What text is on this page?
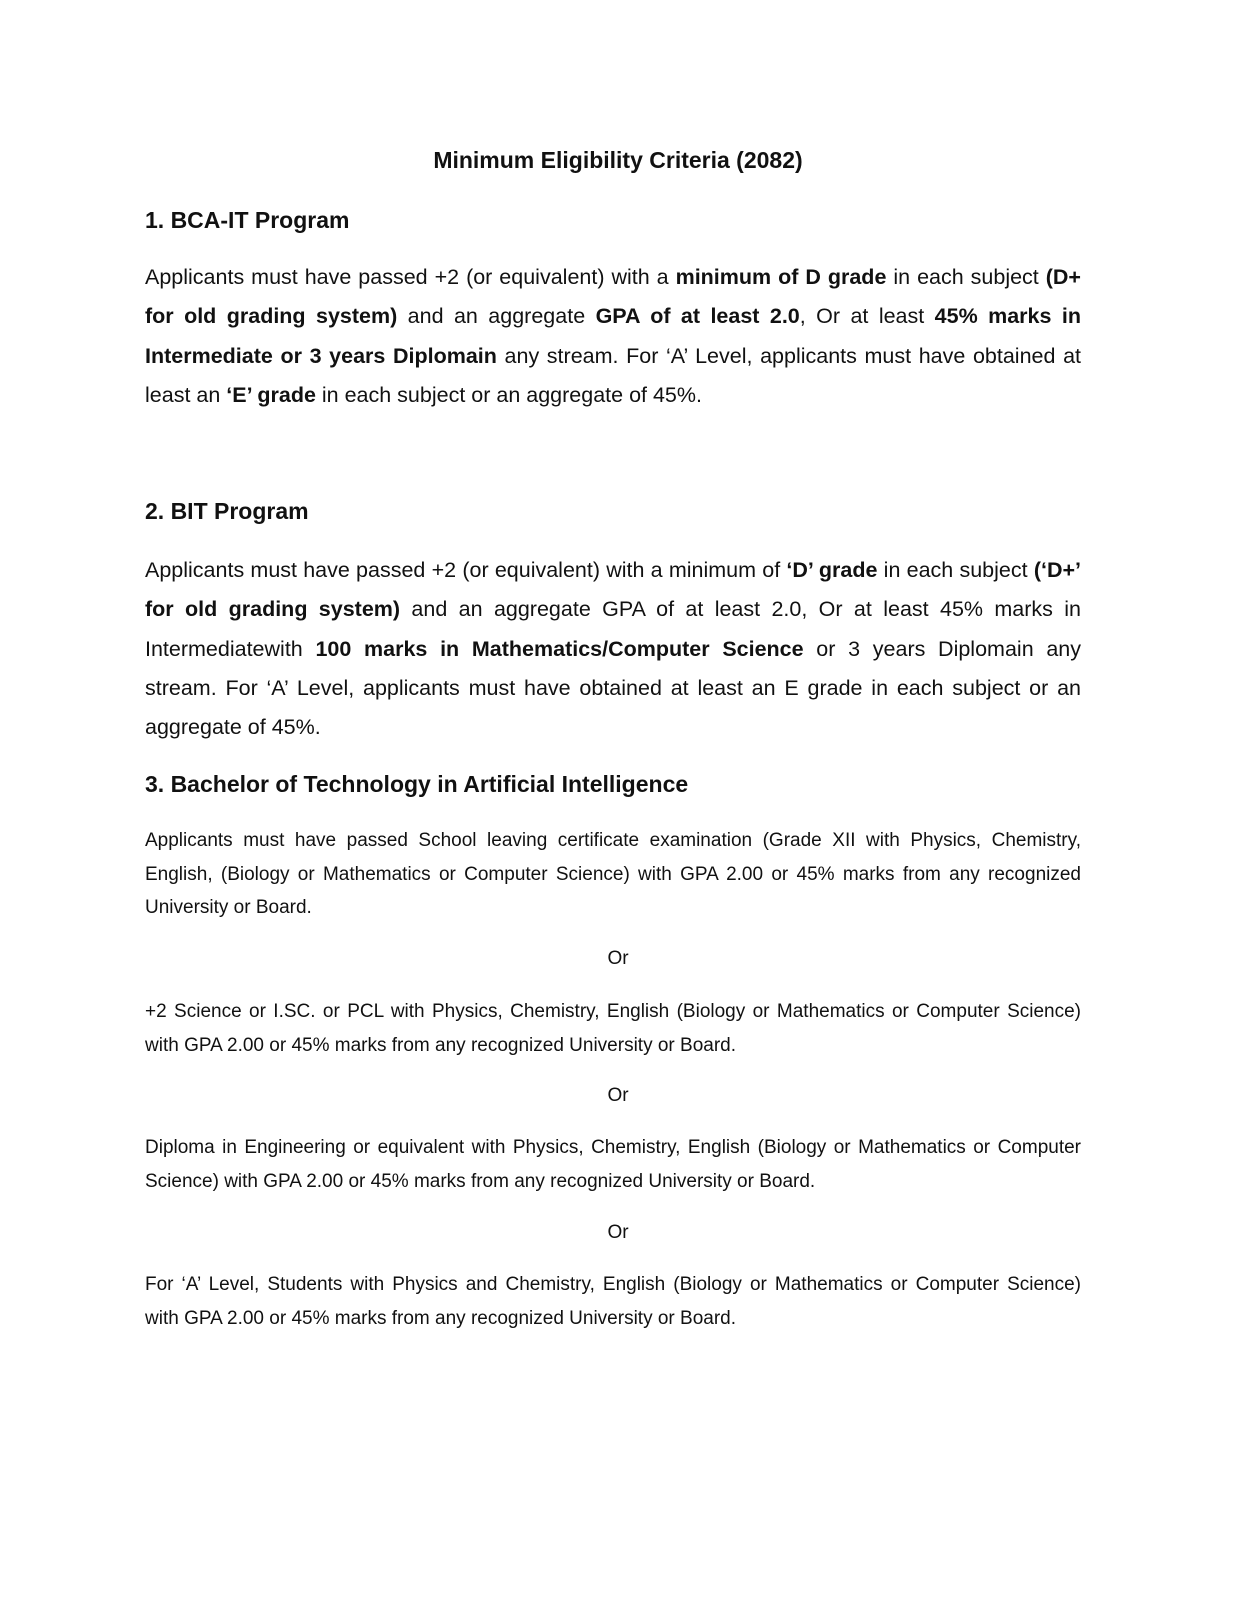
Minimum Eligibility Criteria (2082)
1. BCA-IT Program

Applicants must have passed +2 (or equivalent) with a minimum of D grade in each subject (D+ for old grading system) and an aggregate GPA of at least 2.0, Or at least 45% marks in Intermediate or 3 years Diplomain any stream. For ‘A’ Level, applicants must have obtained at least an ‘E’ grade in each subject or an aggregate of 45%.

2. BIT Program

Applicants must have passed +2 (or equivalent) with a minimum of ‘D’ grade in each subject (‘D+’ for old grading system) and an aggregate GPA of at least 2.0, Or at least 45% marks in Intermediatewith 100 marks in Mathematics/Computer Science or 3 years Diplomain any stream. For ‘A’ Level, applicants must have obtained at least an E grade in each subject or an aggregate of 45%.

3. Bachelor of Technology in Artificial Intelligence

Applicants must have passed School leaving certificate examination (Grade XII with Physics, Chemistry, English, (Biology or Mathematics or Computer Science) with GPA 2.00 or 45% marks from any recognized University or Board.

Or

+2 Science or I.SC. or PCL with Physics, Chemistry, English (Biology or Mathematics or Computer Science) with GPA 2.00 or 45% marks from any recognized University or Board.

Or

Diploma in Engineering or equivalent with Physics, Chemistry, English (Biology or Mathematics or Computer Science) with GPA 2.00 or 45% marks from any recognized University or Board.

Or

For ‘A’ Level, Students with Physics and Chemistry, English (Biology or Mathematics or Computer Science) with GPA 2.00 or 45% marks from any recognized University or Board.
